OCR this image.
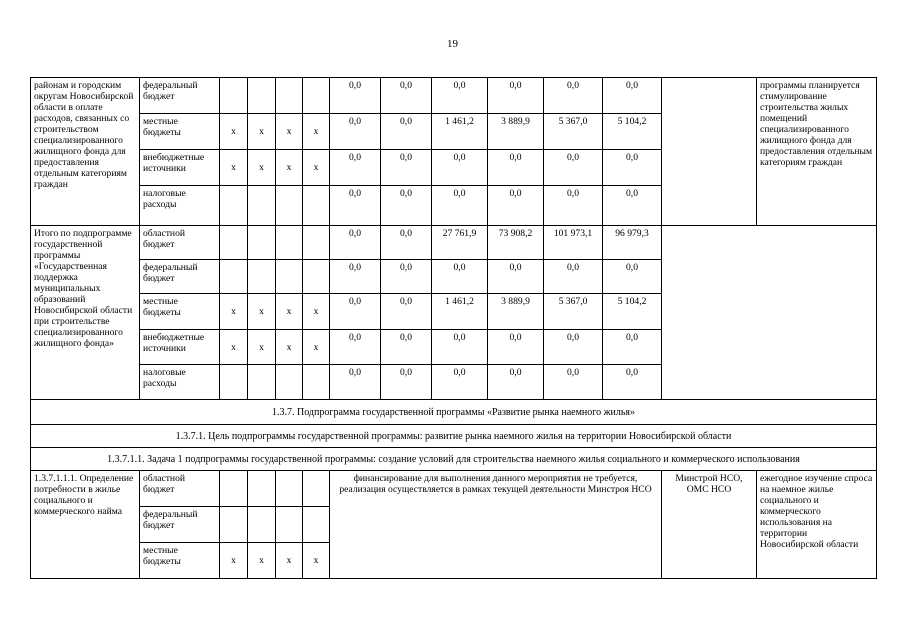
19
районам и городским округам Новосибирской области в оплате расходов, связанных со строительством специализированного жилищного фонда для предоставления отдельным категориям граждан	федеральный бюджет					0,0	0,0	0,0	0,0	0,0	0,0		программы планируется стимулирование строительства жилых помещений специализированного жилищного фонда для предоставления отдельным категориям граждан
	местные бюджеты	x	x	x	x	0,0	0,0	1 461,2	3 889,9	5 367,0	5 104,2		
	внебюджетные источники	x	x	x	x	0,0	0,0	0,0	0,0	0,0	0,0		
	налоговые расходы					0,0	0,0	0,0	0,0	0,0	0,0		
Итого по подпрограмме государственной программы «Государственная поддержка муниципальных образований Новосибирской области при строительстве специализированного жилищного фонда»	областной бюджет					0,0	0,0	27 761,9	73 908,2	101 973,1	96 979,3		
	федеральный бюджет					0,0	0,0	0,0	0,0	0,0	0,0		
	местные бюджеты	x	x	x	x	0,0	0,0	1 461,2	3 889,9	5 367,0	5 104,2		
	внебюджетные источники	x	x	x	x	0,0	0,0	0,0	0,0	0,0	0,0		
	налоговые расходы					0,0	0,0	0,0	0,0	0,0	0,0		
1.3.7. Подпрограмма государственной программы «Развитие рынка наемного жилья»													
1.3.7.1. Цель подпрограммы государственной программы: развитие рынка наемного жилья на территории Новосибирской области													
1.3.7.1.1. Задача 1 подпрограммы государственной программы: создание условий для строительства наемного жилья социального и коммерческого использования													
1.3.7.1.1.1. Определение потребности в жилье социального и коммерческого найма	областной бюджет					финансирование для выполнения данного мероприятия не требуется, реализация осуществляется в рамках текущей деятельности Минстроя НСО						Минстрой НСО, ОМС НСО	ежегодное изучение спроса на наемное жилье социального и коммерческого использования на территории Новосибирской области
	федеральный бюджет												
	местные бюджеты	x	x	x	x								
